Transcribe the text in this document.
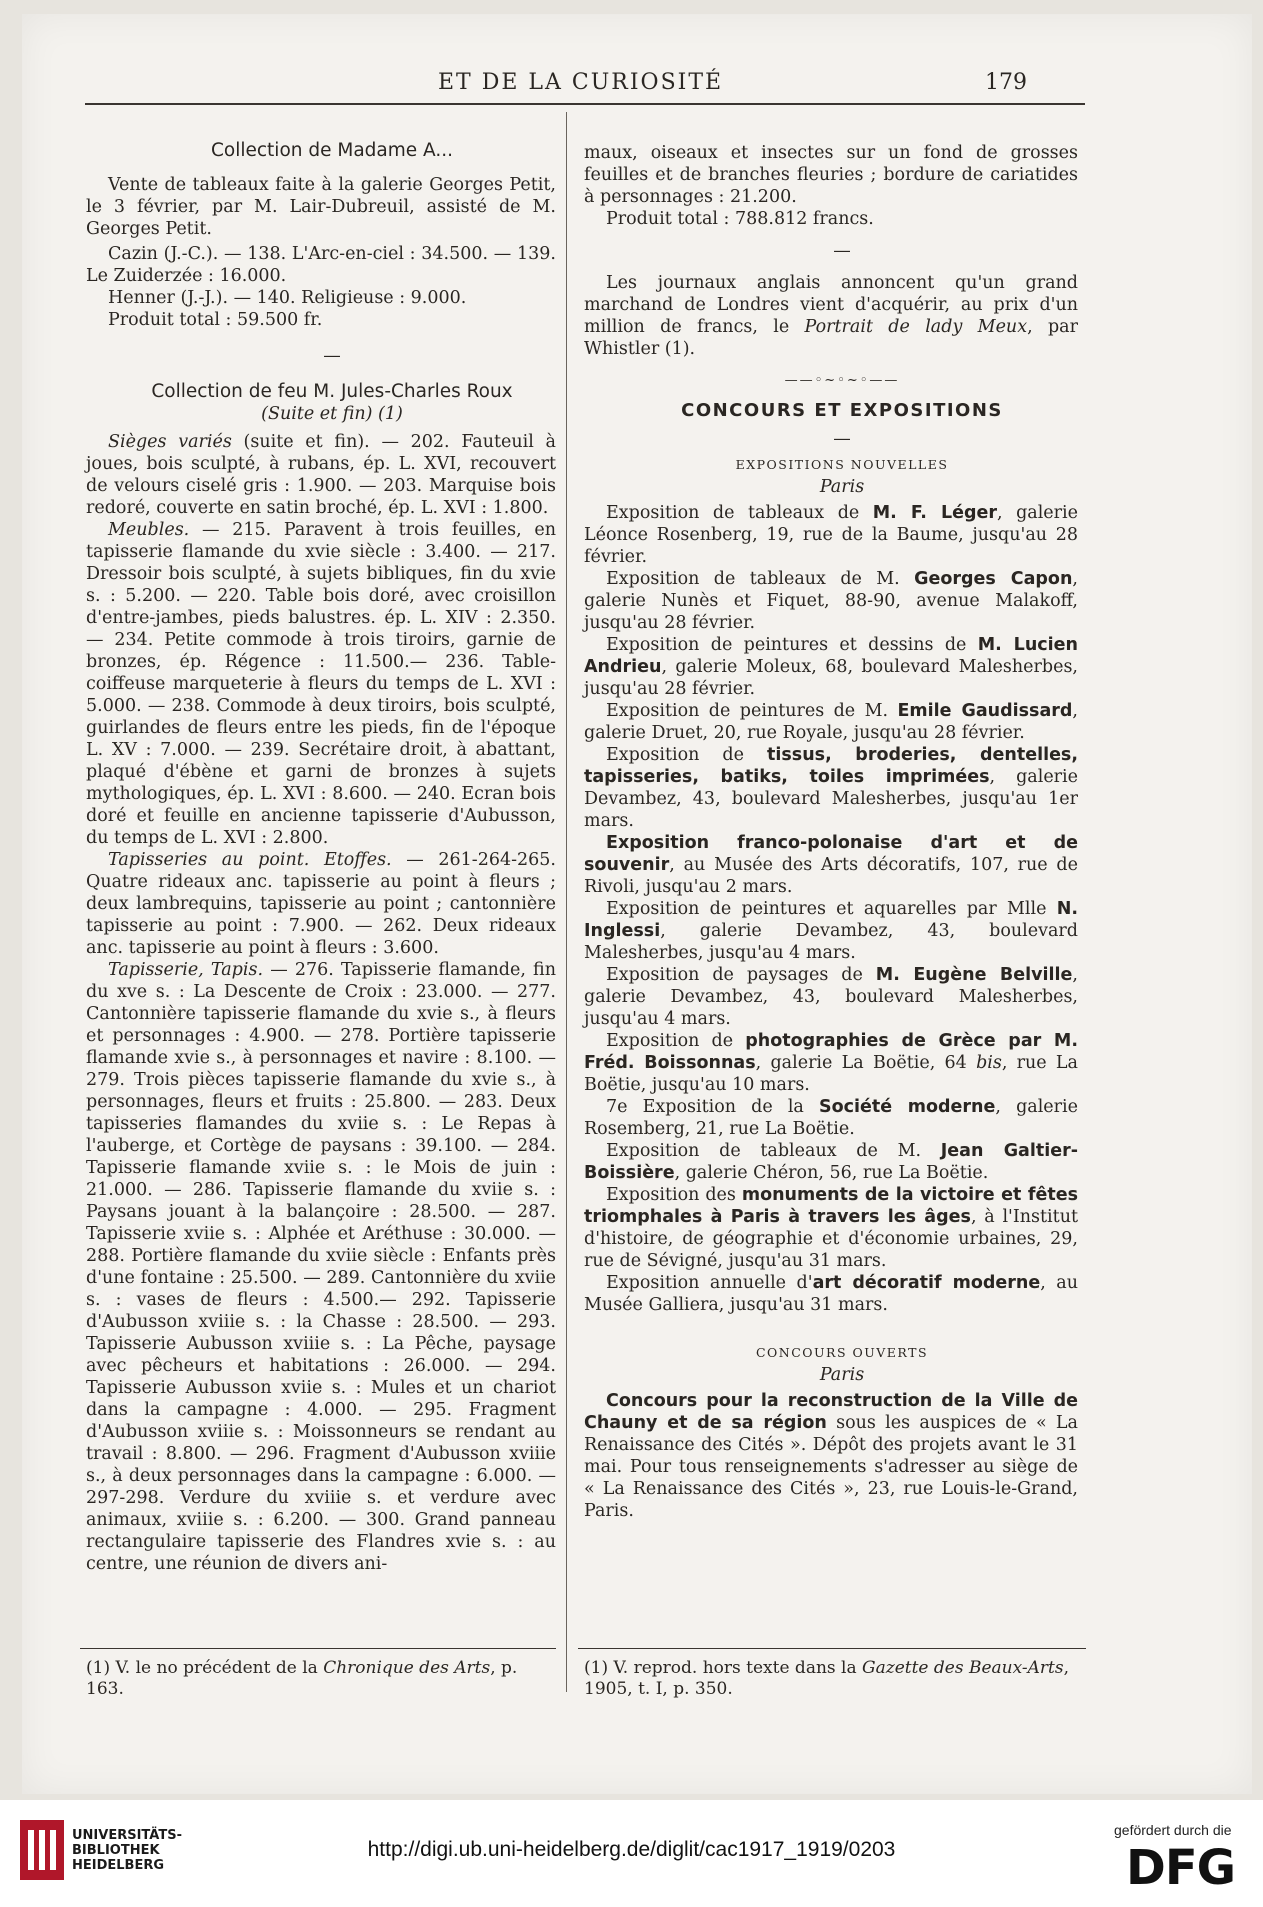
ET DE LA CURIOSITÉ	179

Collection de Madame A...

Vente de tableaux faite à la galerie Georges Petit, le 3 février, par M. Lair-Dubreuil, assisté de M. Georges Petit.

Cazin (J.-C.). — 138. L'Arc-en-ciel : 34.500. — 139. Le Zuiderzée : 16.000.

Henner (J.-J.). — 140. Religieuse : 9.000.

Produit total : 59.500 fr.

—

Collection de feu M. Jules-Charles Roux

(Suite et fin) (1)

Sièges variés (suite et fin). — 202. Fauteuil à joues, bois sculpté, à rubans, ép. L. XVI, recouvert de velours ciselé gris : 1.900. — 203. Marquise bois redoré, couverte en satin broché, ép. L. XVI : 1.800.

Meubles. — 215. Paravent à trois feuilles, en tapisserie flamande du xvie siècle : 3.400. — 217. Dressoir bois sculpté, à sujets bibliques, fin du xvie s. : 5.200. — 220. Table bois doré, avec croisillon d'entre-jambes, pieds balustres. ép. L. XIV : 2.350. — 234. Petite commode à trois tiroirs, garnie de bronzes, ép. Régence : 11.500.— 236. Table-coiffeuse marqueterie à fleurs du temps de L. XVI : 5.000. — 238. Commode à deux tiroirs, bois sculpté, guirlandes de fleurs entre les pieds, fin de l'époque L. XV : 7.000. — 239. Secrétaire droit, à abattant, plaqué d'ébène et garni de bronzes à sujets mythologiques, ép. L. XVI : 8.600. — 240. Ecran bois doré et feuille en ancienne tapisserie d'Aubusson, du temps de L. XVI : 2.800.

Tapisseries au point. Etoffes. — 261-264-265. Quatre rideaux anc. tapisserie au point à fleurs ; deux lambrequins, tapisserie au point ; cantonnière tapisserie au point : 7.900. — 262. Deux rideaux anc. tapisserie au point à fleurs : 3.600.

Tapisserie, Tapis. — 276. Tapisserie flamande, fin du xve s. : La Descente de Croix : 23.000. — 277. Cantonnière tapisserie flamande du xvie s., à fleurs et personnages : 4.900. — 278. Portière tapisserie flamande xvie s., à personnages et navire : 8.100. — 279. Trois pièces tapisserie flamande du xvie s., à personnages, fleurs et fruits : 25.800. — 283. Deux tapisseries flamandes du xviie s. : Le Repas à l'auberge, et Cortège de paysans : 39.100. — 284. Tapisserie flamande xviie s. : le Mois de juin : 21.000. — 286. Tapisserie flamande du xviie s. : Paysans jouant à la balançoire : 28.500. — 287. Tapisserie xviie s. : Alphée et Aréthuse : 30.000. — 288. Portière flamande du xviie siècle : Enfants près d'une fontaine : 25.500. — 289. Cantonnière du xviie s. : vases de fleurs : 4.500.— 292. Tapisserie d'Aubusson xviiie s. : la Chasse : 28.500. — 293. Tapisserie Aubusson xviiie s. : La Pêche, paysage avec pêcheurs et habitations : 26.000. — 294. Tapisserie Aubusson xviie s. : Mules et un chariot dans la campagne : 4.000. — 295. Fragment d'Aubusson xviiie s. : Moissonneurs se rendant au travail : 8.800. — 296. Fragment d'Aubusson xviiie s., à deux personnages dans la campagne : 6.000. — 297-298. Verdure du xviiie s. et verdure avec animaux, xviiie s. : 6.200. — 300. Grand panneau rectangulaire tapisserie des Flandres xvie s. : au centre, une réunion de divers ani-

(1) V. le no précédent de la Chronique des Arts, p. 163.

maux, oiseaux et insectes sur un fond de grosses feuilles et de branches fleuries ; bordure de cariatides à personnages : 21.200.

Produit total : 788.812 francs.

—

Les journaux anglais annoncent qu'un grand marchand de Londres vient d'acquérir, au prix d'un million de francs, le Portrait de lady Meux, par Whistler (1).

——◦~◦~◦——

CONCOURS ET EXPOSITIONS

—

EXPOSITIONS NOUVELLES

Paris

Exposition de tableaux de M. F. Léger, galerie Léonce Rosenberg, 19, rue de la Baume, jusqu'au 28 février.

Exposition de tableaux de M. Georges Capon, galerie Nunès et Fiquet, 88-90, avenue Malakoff, jusqu'au 28 février.

Exposition de peintures et dessins de M. Lucien Andrieu, galerie Moleux, 68, boulevard Malesherbes, jusqu'au 28 février.

Exposition de peintures de M. Emile Gaudissard, galerie Druet, 20, rue Royale, jusqu'au 28 février.

Exposition de tissus, broderies, dentelles, tapisseries, batiks, toiles imprimées, galerie Devambez, 43, boulevard Malesherbes, jusqu'au 1er mars.

Exposition franco-polonaise d'art et de souvenir, au Musée des Arts décoratifs, 107, rue de Rivoli, jusqu'au 2 mars.

Exposition de peintures et aquarelles par Mlle N. Inglessi, galerie Devambez, 43, boulevard Malesherbes, jusqu'au 4 mars.

Exposition de paysages de M. Eugène Belville, galerie Devambez, 43, boulevard Malesherbes, jusqu'au 4 mars.

Exposition de photographies de Grèce par M. Fréd. Boissonnas, galerie La Boëtie, 64 bis, rue La Boëtie, jusqu'au 10 mars.

7e Exposition de la Société moderne, galerie Rosemberg, 21, rue La Boëtie.

Exposition de tableaux de M. Jean Galtier-Boissière, galerie Chéron, 56, rue La Boëtie.

Exposition des monuments de la victoire et fêtes triomphales à Paris à travers les âges, à l'Institut d'histoire, de géographie et d'économie urbaines, 29, rue de Sévigné, jusqu'au 31 mars.

Exposition annuelle d'art décoratif moderne, au Musée Galliera, jusqu'au 31 mars.

CONCOURS OUVERTS

Paris

Concours pour la reconstruction de la Ville de Chauny et de sa région sous les auspices de « La Renaissance des Cités ». Dépôt des projets avant le 31 mai. Pour tous renseignements s'adresser au siège de « La Renaissance des Cités », 23, rue Louis-le-Grand, Paris.

(1) V. reprod. hors texte dans la Gazette des Beaux-Arts, 1905, t. I, p. 350.
UNIVERSITÄTS-
BIBLIOTHEK
HEIDELBERG
http://digi.ub.uni-heidelberg.de/diglit/cac1917_1919/0203
gefördert durch die
DFG
